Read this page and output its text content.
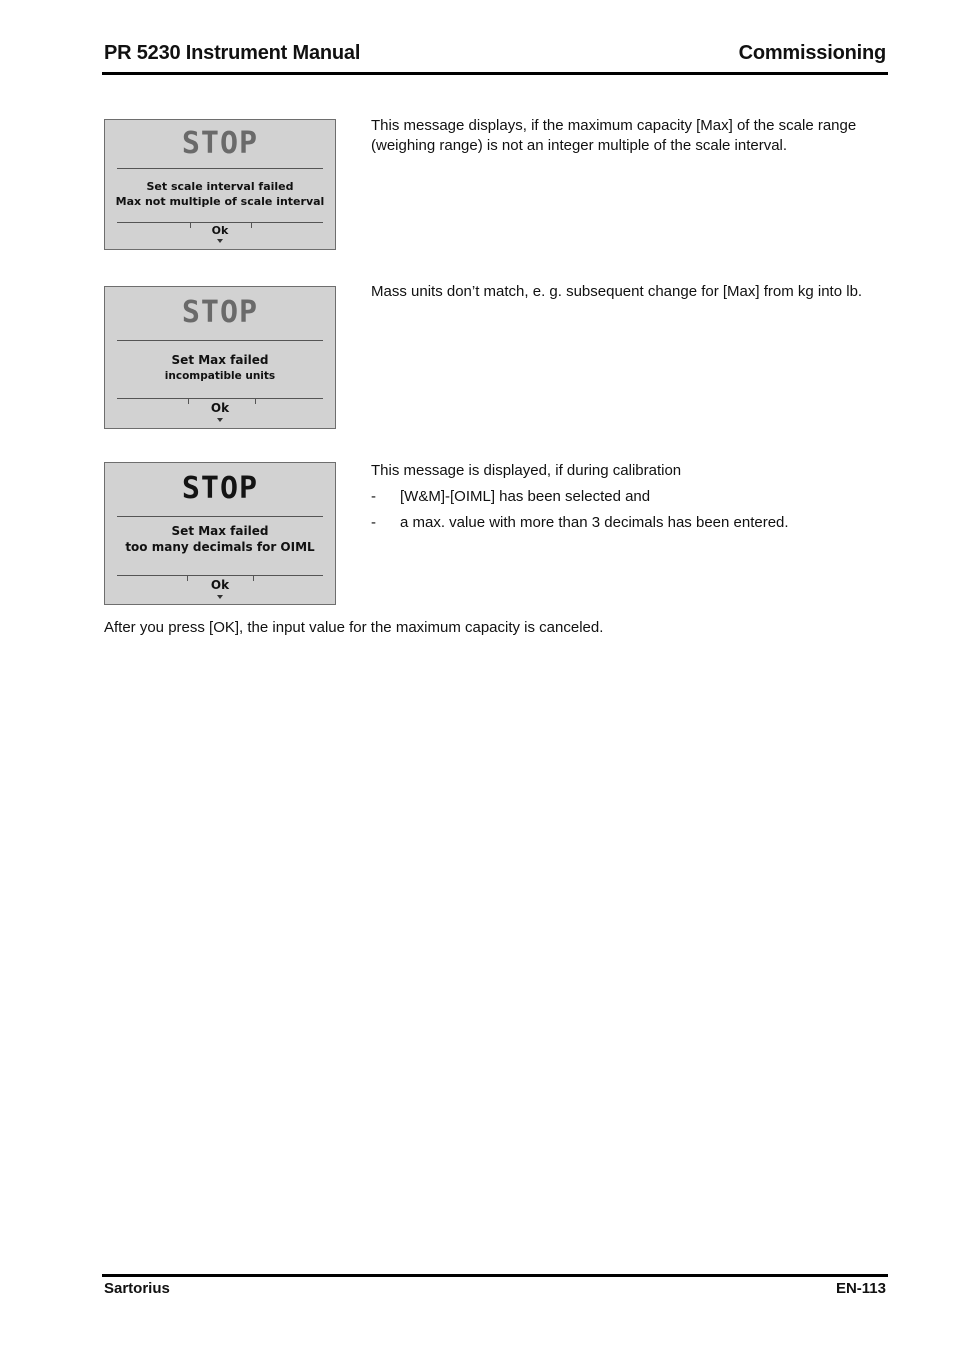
PR 5230 Instrument Manual	Commissioning
STOP
Set scale interval failed
Max not multiple of scale interval
Ok

This message displays, if the maximum capacity [Max] of the scale range (weighing range) is not an integer multiple of the scale interval.

STOP
Set Max failed
incompatible units
Ok

Mass units don’t match, e. g. subsequent change for [Max] from kg into lb.

STOP
Set Max failed
too many decimals for OIML
Ok

This message is displayed, if during calibration

- [W&M]-[OIML] has been selected and
- a max. value with more than 3 decimals has been entered.
After you press [OK], the input value for the maximum capacity is canceled.
Sartorius	EN-113
